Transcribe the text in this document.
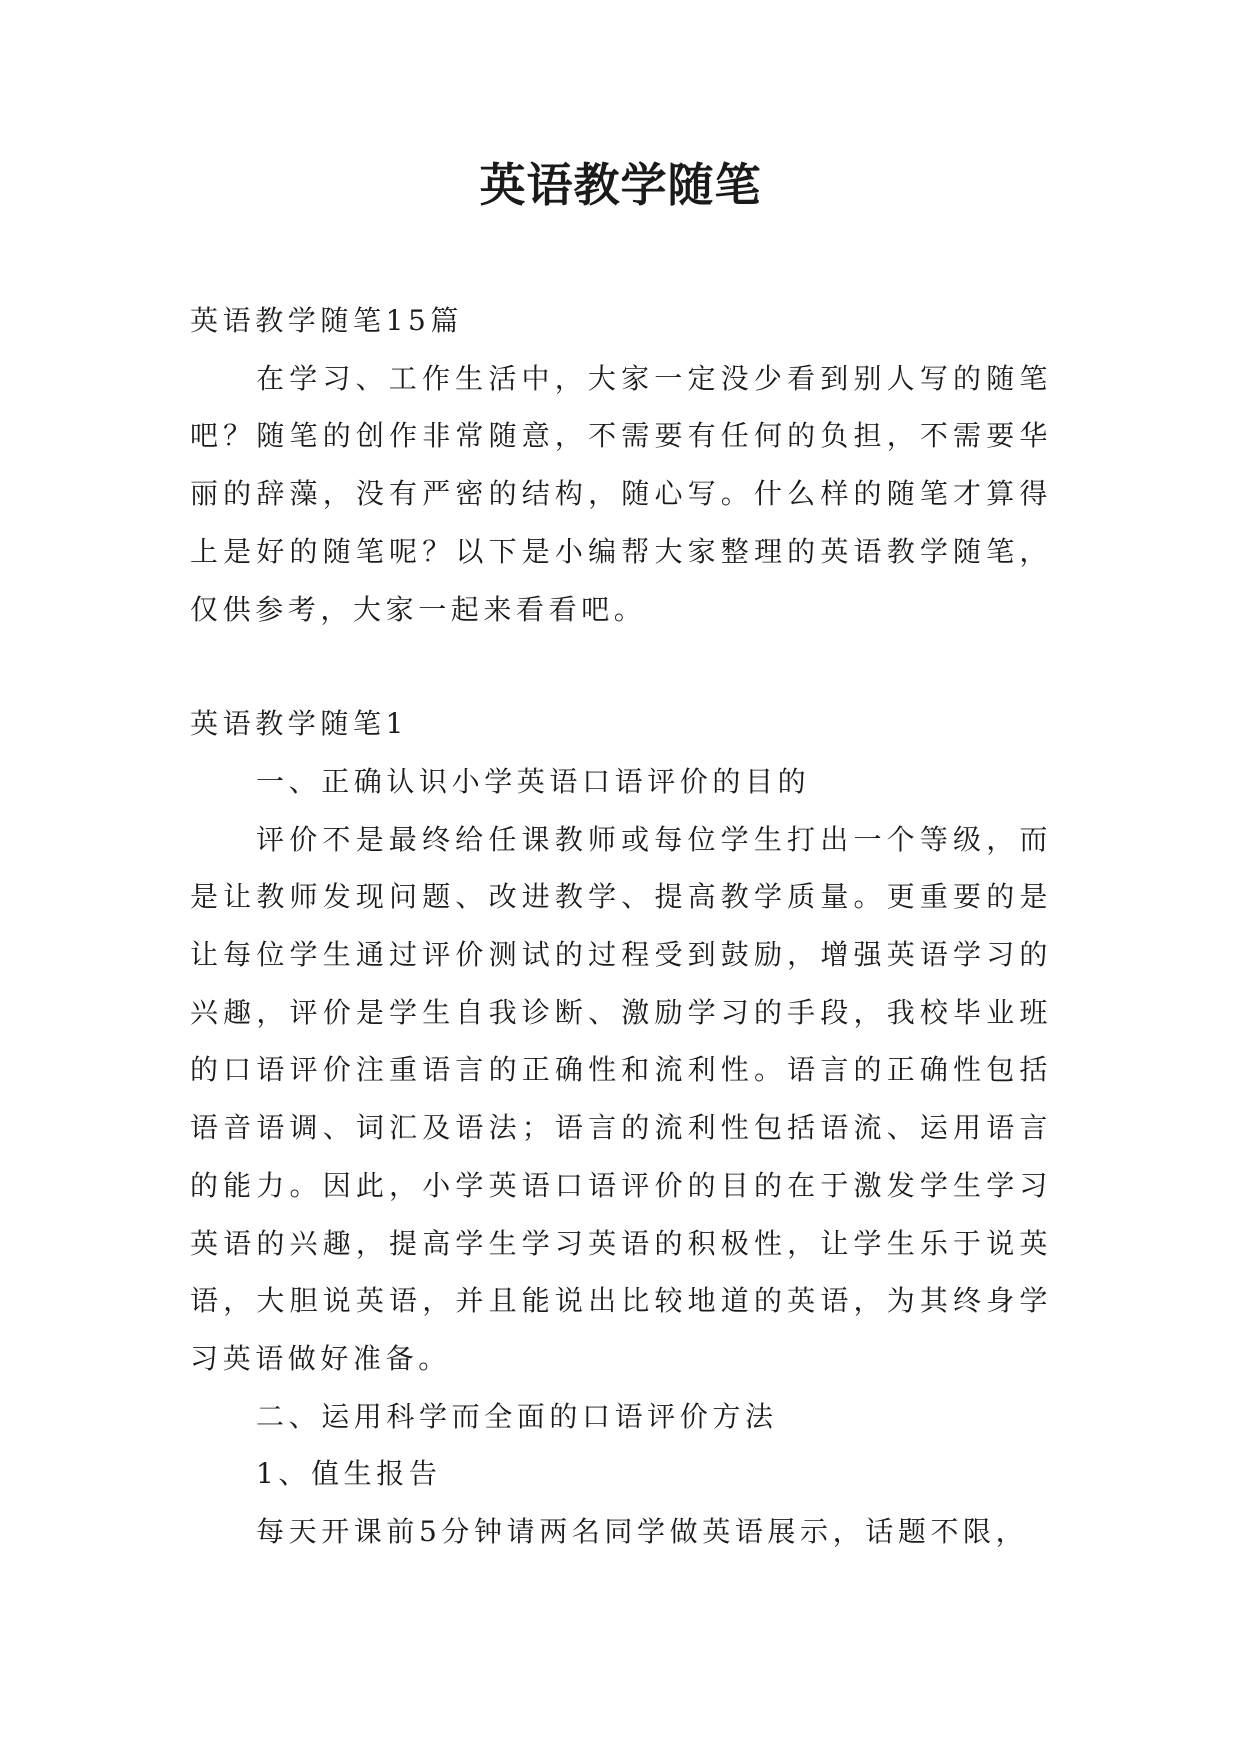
英语教学随笔

英语教学随笔15篇

在学习、工作生活中，大家一定没少看到别人写的随笔吧？随笔的创作非常随意，不需要有任何的负担，不需要华丽的辞藻，没有严密的结构，随心写。什么样的随笔才算得上是好的随笔呢？以下是小编帮大家整理的英语教学随笔，仅供参考，大家一起来看看吧。

英语教学随笔1

一、正确认识小学英语口语评价的目的

评价不是最终给任课教师或每位学生打出一个等级，而是让教师发现问题、改进教学、提高教学质量。更重要的是让每位学生通过评价测试的过程受到鼓励，增强英语学习的兴趣，评价是学生自我诊断、激励学习的手段，我校毕业班的口语评价注重语言的正确性和流利性。语言的正确性包括语音语调、词汇及语法；语言的流利性包括语流、运用语言的能力。因此，小学英语口语评价的目的在于激发学生学习英语的兴趣，提高学生学习英语的积极性，让学生乐于说英语，大胆说英语，并且能说出比较地道的英语，为其终身学习英语做好准备。

二、运用科学而全面的口语评价方法

1、值生报告

每天开课前5分钟请两名同学做英语展示，话题不限，
